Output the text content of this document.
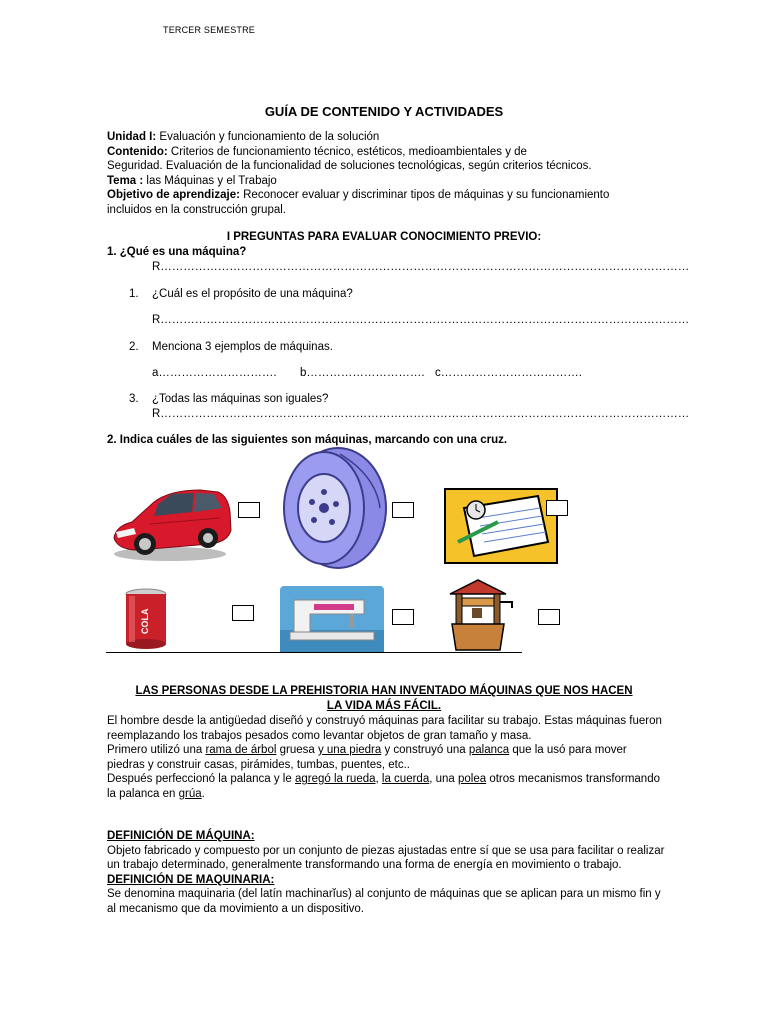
TERCER SEMESTRE
GUÍA DE CONTENIDO Y ACTIVIDADES

Unidad I: Evaluación y funcionamiento de la solución

Contenido: Criterios de funcionamiento técnico, estéticos, medioambientales y de

Seguridad. Evaluación de la funcionalidad de soluciones tecnológicas, según criterios técnicos.

Tema : las Máquinas y el Trabajo

Objetivo de aprendizaje: Reconocer evaluar y discriminar tipos de máquinas y su funcionamiento

incluidos en la construcción grupal.

I PREGUNTAS PARA EVALUAR CONOCIMIENTO PREVIO:
1. ¿Qué es una máquina?
R…………………………………………………………………………………………………………………………
1. ¿Cuál es el propósito de una máquina?
R…………………………………………………………………………………………………………………………
2. Menciona 3 ejemplos de máquinas.
a…………………………. b…………………………. c……………………………….
3. ¿Todas las máquinas son iguales?
R…………………………………………………………………………………………………………………………
2. Indica cuáles de las siguientes son máquinas, marcando con una cruz.
COLA
LAS PERSONAS DESDE LA PREHISTORIA HAN INVENTADO MÁQUINAS QUE NOS HACEN
LA VIDA MÁS FÁCIL.

El hombre desde la antigüedad diseñó y construyó máquinas para facilitar su trabajo. Estas máquinas fueron reemplazando los trabajos pesados como levantar objetos de gran tamaño y masa.

Primero utilizó una rama de árbol gruesa y una piedra y construyó una palanca que la usó para mover piedras y construir casas, pirámides, tumbas, puentes, etc..

Después perfeccionó la palanca y le agregó la rueda, la cuerda, una polea otros mecanismos transformando la palanca en grúa.

DEFINICIÓN DE MÁQUINA:

Objeto fabricado y compuesto por un conjunto de piezas ajustadas entre sí que se usa para facilitar o realizar un trabajo determinado, generalmente transformando una forma de energía en movimiento o trabajo.

DEFINICIÓN DE MAQUINARIA:

Se denomina maquinaria (del latín machinarĭus) al conjunto de máquinas que se aplican para un mismo fin y al mecanismo que da movimiento a un dispositivo.
